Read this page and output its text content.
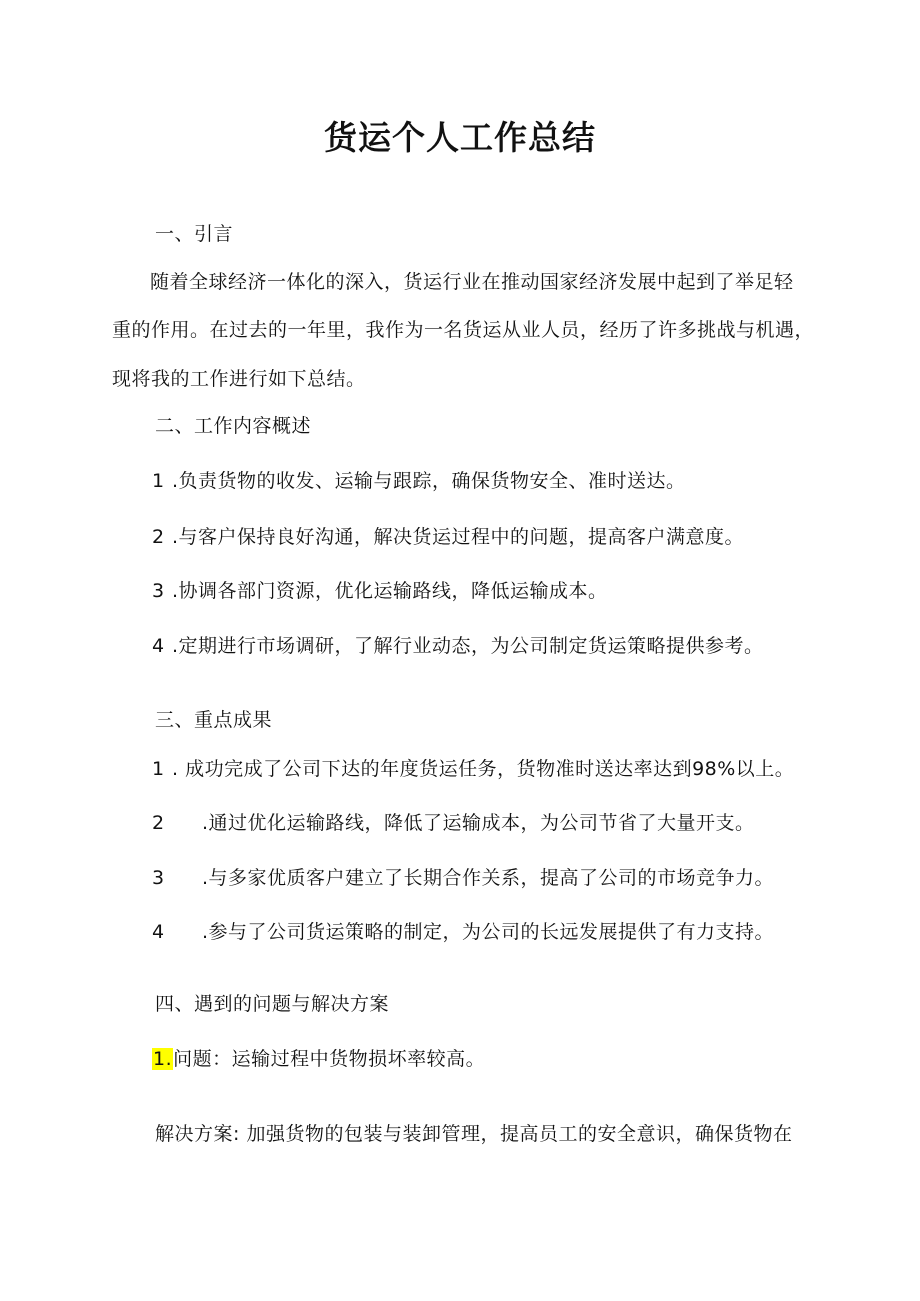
货运个人工作总结
一、引言
随着全球经济一体化的深入，货运行业在推动国家经济发展中起到了举足轻
重的作用。在过去的一年里，我作为一名货运从业人员，经历了许多挑战与机遇，
现将我的工作进行如下总结。
二、工作内容概述
1 .负责货物的收发、运输与跟踪，确保货物安全、准时送达。
2 .与客户保持良好沟通，解决货运过程中的问题，提高客户满意度。
3 .协调各部门资源，优化运输路线，降低运输成本。
4 .定期进行市场调研，了解行业动态，为公司制定货运策略提供参考。
三、重点成果
1 . 成功完成了公司下达的年度货运任务，货物准时送达率达到98%以上。
2 .通过优化运输路线，降低了运输成本，为公司节省了大量开支。
3 .与多家优质客户建立了长期合作关系，提高了公司的市场竞争力。
4 .参与了公司货运策略的制定，为公司的长远发展提供了有力支持。
四、遇到的问题与解决方案
1.问题：运输过程中货物损坏率较高。
解决方案: 加强货物的包装与装卸管理，提高员工的安全意识，确保货物在
